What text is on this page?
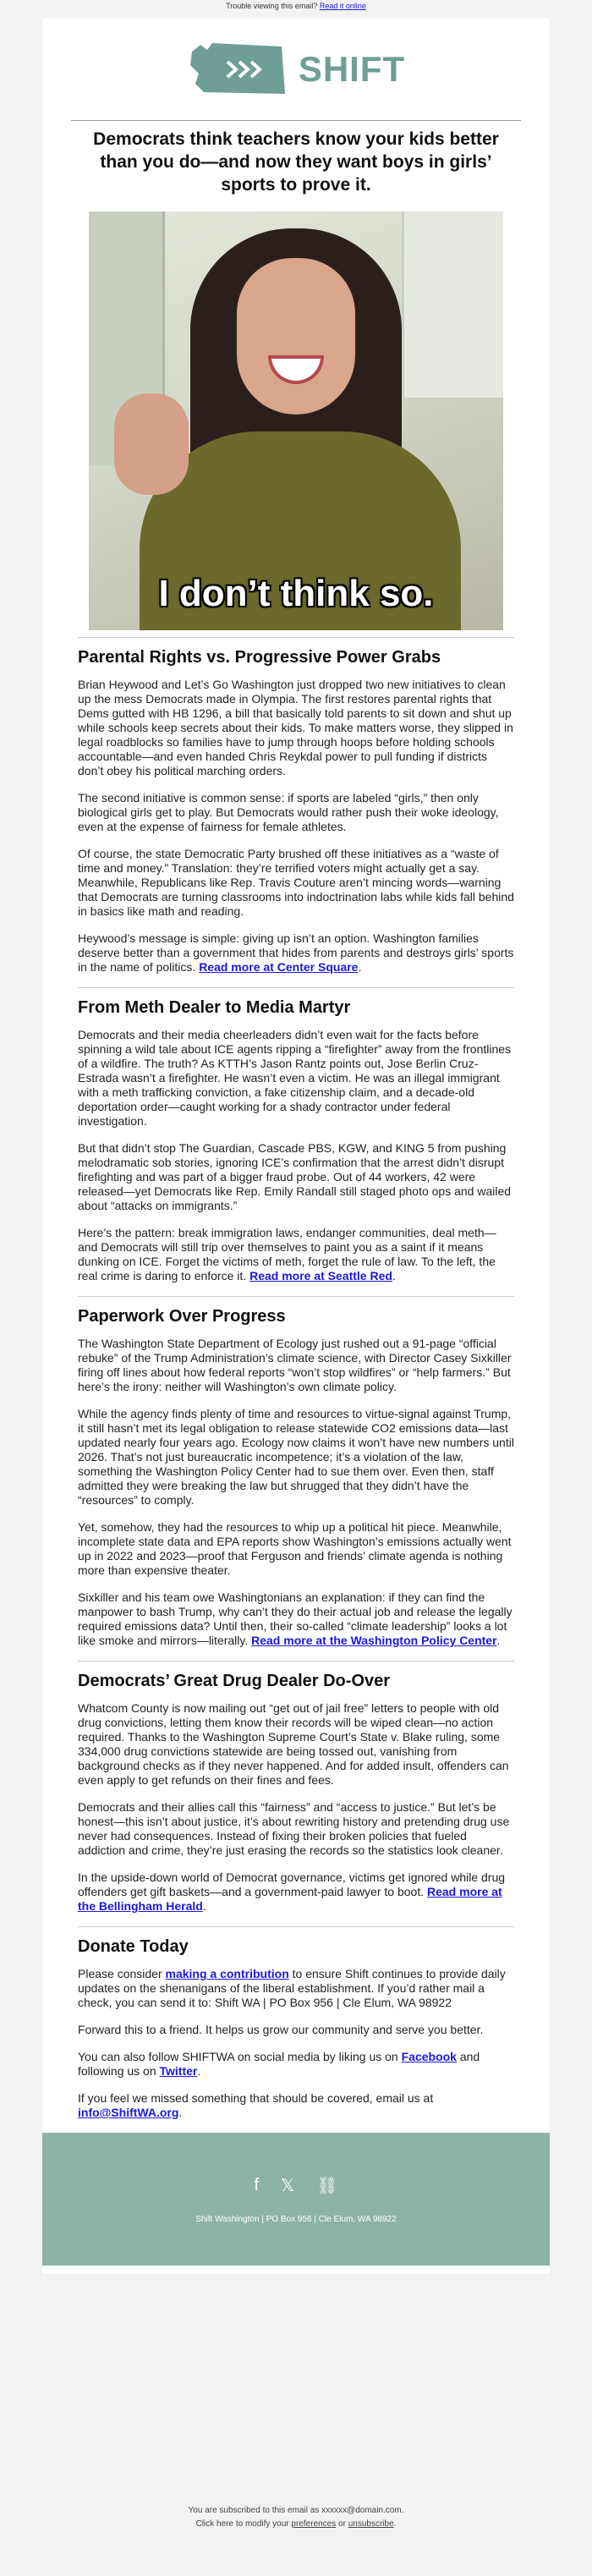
Trouble viewing this email? Read it online
SHIFT
Democrats think teachers know your kids better than you do—and now they want boys in girls’ sports to prove it.
I don’t think so.
Parental Rights vs. Progressive Power Grabs

Brian Heywood and Let’s Go Washington just dropped two new initiatives to clean up the mess Democrats made in Olympia. The first restores parental rights that Dems gutted with HB 1296, a bill that basically told parents to sit down and shut up while schools keep secrets about their kids. To make matters worse, they slipped in legal roadblocks so families have to jump through hoops before holding schools accountable—and even handed Chris Reykdal power to pull funding if districts don’t obey his political marching orders.

The second initiative is common sense: if sports are labeled “girls,” then only biological girls get to play. But Democrats would rather push their woke ideology, even at the expense of fairness for female athletes.

Of course, the state Democratic Party brushed off these initiatives as a “waste of time and money.” Translation: they’re terrified voters might actually get a say. Meanwhile, Republicans like Rep. Travis Couture aren’t mincing words—warning that Democrats are turning classrooms into indoctrination labs while kids fall behind in basics like math and reading.

Heywood’s message is simple: giving up isn’t an option. Washington families deserve better than a government that hides from parents and destroys girls’ sports in the name of politics. Read more at Center Square.

From Meth Dealer to Media Martyr

Democrats and their media cheerleaders didn’t even wait for the facts before spinning a wild tale about ICE agents ripping a “firefighter” away from the frontlines of a wildfire. The truth? As KTTH’s Jason Rantz points out, Jose Berlin Cruz-Estrada wasn’t a firefighter. He wasn’t even a victim. He was an illegal immigrant with a meth trafficking conviction, a fake citizenship claim, and a decade-old deportation order—caught working for a shady contractor under federal investigation.

But that didn’t stop The Guardian, Cascade PBS, KGW, and KING 5 from pushing melodramatic sob stories, ignoring ICE’s confirmation that the arrest didn’t disrupt firefighting and was part of a bigger fraud probe. Out of 44 workers, 42 were released—yet Democrats like Rep. Emily Randall still staged photo ops and wailed about “attacks on immigrants.”

Here’s the pattern: break immigration laws, endanger communities, deal meth—and Democrats will still trip over themselves to paint you as a saint if it means dunking on ICE. Forget the victims of meth, forget the rule of law. To the left, the real crime is daring to enforce it. Read more at Seattle Red.

Paperwork Over Progress

The Washington State Department of Ecology just rushed out a 91-page “official rebuke” of the Trump Administration’s climate science, with Director Casey Sixkiller firing off lines about how federal reports “won’t stop wildfires” or “help farmers.” But here’s the irony: neither will Washington’s own climate policy.

While the agency finds plenty of time and resources to virtue-signal against Trump, it still hasn’t met its legal obligation to release statewide CO2 emissions data—last updated nearly four years ago. Ecology now claims it won’t have new numbers until 2026. That’s not just bureaucratic incompetence; it’s a violation of the law, something the Washington Policy Center had to sue them over. Even then, staff admitted they were breaking the law but shrugged that they didn’t have the “resources” to comply.

Yet, somehow, they had the resources to whip up a political hit piece. Meanwhile, incomplete state data and EPA reports show Washington’s emissions actually went up in 2022 and 2023—proof that Ferguson and friends’ climate agenda is nothing more than expensive theater.

Sixkiller and his team owe Washingtonians an explanation: if they can find the manpower to bash Trump, why can’t they do their actual job and release the legally required emissions data? Until then, their so-called “climate leadership” looks a lot like smoke and mirrors—literally. Read more at the Washington Policy Center.

Democrats’ Great Drug Dealer Do-Over

Whatcom County is now mailing out “get out of jail free” letters to people with old drug convictions, letting them know their records will be wiped clean—no action required. Thanks to the Washington Supreme Court’s State v. Blake ruling, some 334,000 drug convictions statewide are being tossed out, vanishing from background checks as if they never happened. And for added insult, offenders can even apply to get refunds on their fines and fees.

Democrats and their allies call this “fairness” and “access to justice.” But let’s be honest—this isn’t about justice, it’s about rewriting history and pretending drug use never had consequences. Instead of fixing their broken policies that fueled addiction and crime, they’re just erasing the records so the statistics look cleaner.

In the upside-down world of Democrat governance, victims get ignored while drug offenders get gift baskets—and a government-paid lawyer to boot. Read more at the Bellingham Herald.

Donate Today

Please consider making a contribution to ensure Shift continues to provide daily updates on the shenanigans of the liberal establishment. If you’d rather mail a check, you can send it to: Shift WA | PO Box 956 | Cle Elum, WA 98922

Forward this to a friend. It helps us grow our community and serve you better.

You can also follow SHIFTWA on social media by liking us on Facebook and following us on Twitter.

If you feel we missed something that should be covered, email us at info@ShiftWA.org.

f 𝕏 ⛓
Shift Washington | PO Box 956 | Cle Elum, WA 98922
You are subscribed to this email as xxxxxx@domain.com.
Click here to modify your preferences or unsubscribe.
